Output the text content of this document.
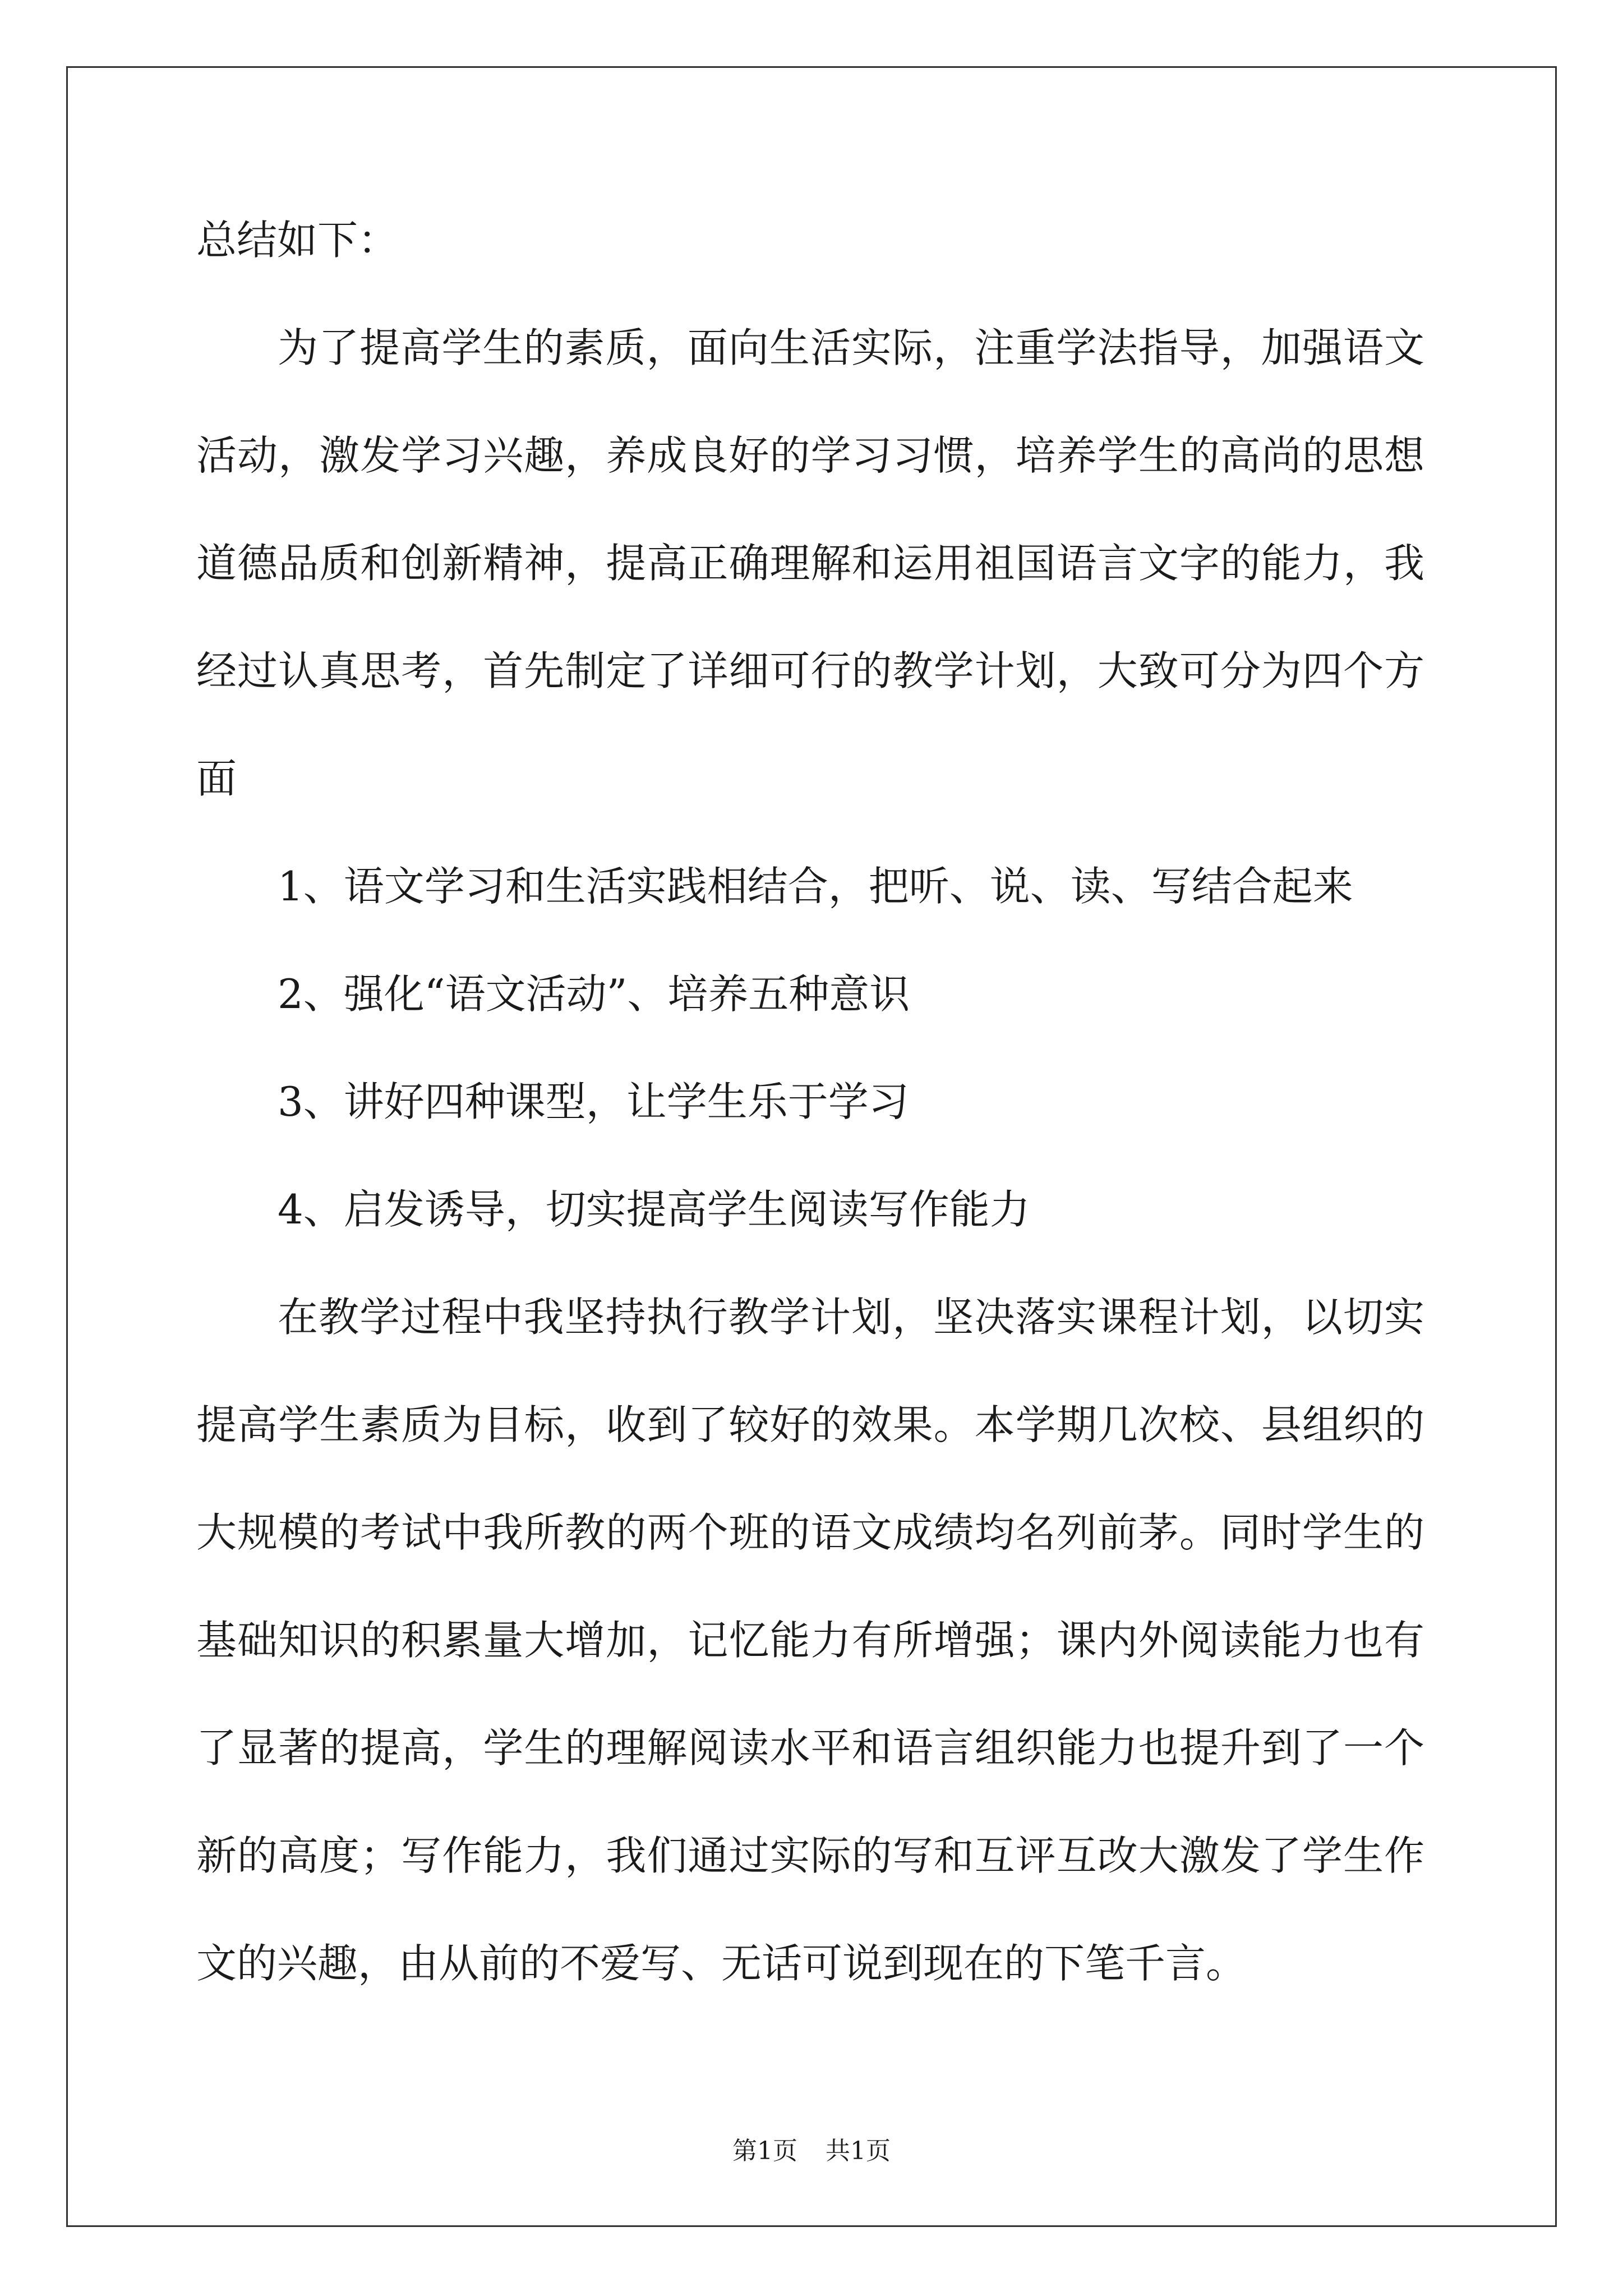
总结如下：
为了提高学生的素质，面向生活实际，注重学法指导，加强语文
活动，激发学习兴趣，养成良好的学习习惯，培养学生的高尚的思想
道德品质和创新精神，提高正确理解和运用祖国语言文字的能力，我
经过认真思考，首先制定了详细可行的教学计划，大致可分为四个方
面
1、语文学习和生活实践相结合，把听、说、读、写结合起来
2、强化“语文活动”、培养五种意识
3、讲好四种课型，让学生乐于学习
4、启发诱导，切实提高学生阅读写作能力
在教学过程中我坚持执行教学计划，坚决落实课程计划，以切实
提高学生素质为目标，收到了较好的效果。本学期几次校、县组织的
大规模的考试中我所教的两个班的语文成绩均名列前茅。同时学生的
基础知识的积累量大增加，记忆能力有所增强；课内外阅读能力也有
了显著的提高，学生的理解阅读水平和语言组织能力也提升到了一个
新的高度；写作能力，我们通过实际的写和互评互改大激发了学生作
文的兴趣，由从前的不爱写、无话可说到现在的下笔千言。
第1页 共1页
